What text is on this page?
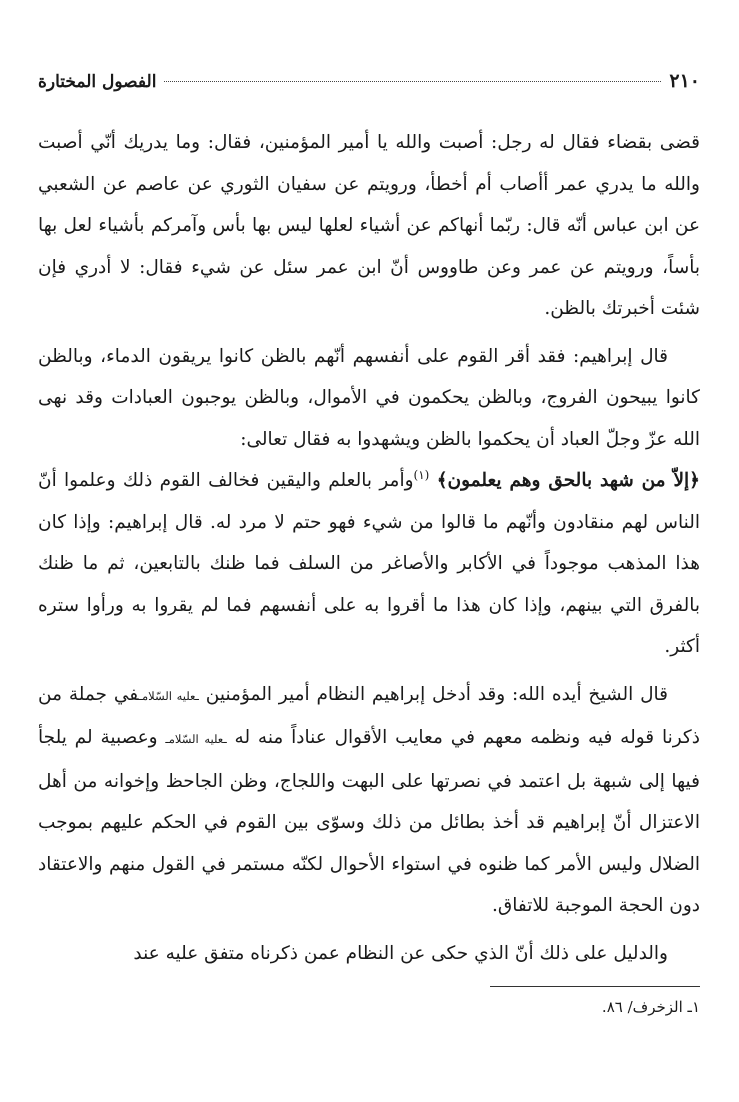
٢١٠
الفصول المختارة

قضى بقضاء فقال له رجل: أصبت والله يا أمير المؤمنين، فقال: وما يدريك أنّي أصبت والله ما يدري عمر أأصاب أم أخطأ، ورويتم عن سفيان الثوري عن عاصم عن الشعبي عن ابن عباس أنّه قال: ربّما أنهاكم عن أشياء لعلها ليس بها بأس وآمركم بأشياء لعل بها بأساً، ورويتم عن عمر وعن طاووس أنّ ابن عمر سئل عن شيء فقال: لا أدري فإن شئت أخبرتك بالظن.

قال إبراهيم: فقد أقر القوم على أنفسهم أنّهم بالظن كانوا يريقون الدماء، وبالظن كانوا يبيحون الفروج، وبالظن يحكمون في الأموال، وبالظن يوجبون العبادات وقد نهى الله عزّ وجلّ العباد أن يحكموا بالظن ويشهدوا به فقال تعالى:
﴿إلاّ من شهد بالحق وهم يعلمون﴾ $^{(١)}$وأمر بالعلم واليقين فخالف القوم ذلك وعلموا أنّ الناس لهم منقادون وأنّهم ما قالوا من شيء فهو حتم لا مرد له. قال إبراهيم: وإذا كان هذا المذهب موجوداً في الأكابر والأصاغر من السلف فما ظنك بالتابعين، ثم ما ظنك بالفرق التي بينهم، وإذا كان هذا ما أقروا به على أنفسهم فما لم يقروا به ورأوا ستره أكثر.

قال الشيخ أيده الله: وقد أدخل إبراهيم النظام أمير المؤمنين ـعليه السّلامـفي جملة من ذكرنا قوله فيه ونظمه معهم في معايب الأقوال عناداً منه له ـعليه السّلامـ وعصبية لم يلجأ فيها إلى شبهة بل اعتمد في نصرتها على البهت واللجاج، وظن الجاحظ وإخوانه من أهل الاعتزال أنّ إبراهيم قد أخذ بطائل من ذلك وسوّى بين القوم في الحكم عليهم بموجب الضلال وليس الأمر كما ظنوه في استواء الأحوال لكنّه مستمر في القول منهم والاعتقاد دون الحجة الموجبة للاتفاق.

والدليل على ذلك أنّ الذي حكى عن النظام عمن ذكرناه متفق عليه عند

١ـ الزخرف/ ٨٦.
